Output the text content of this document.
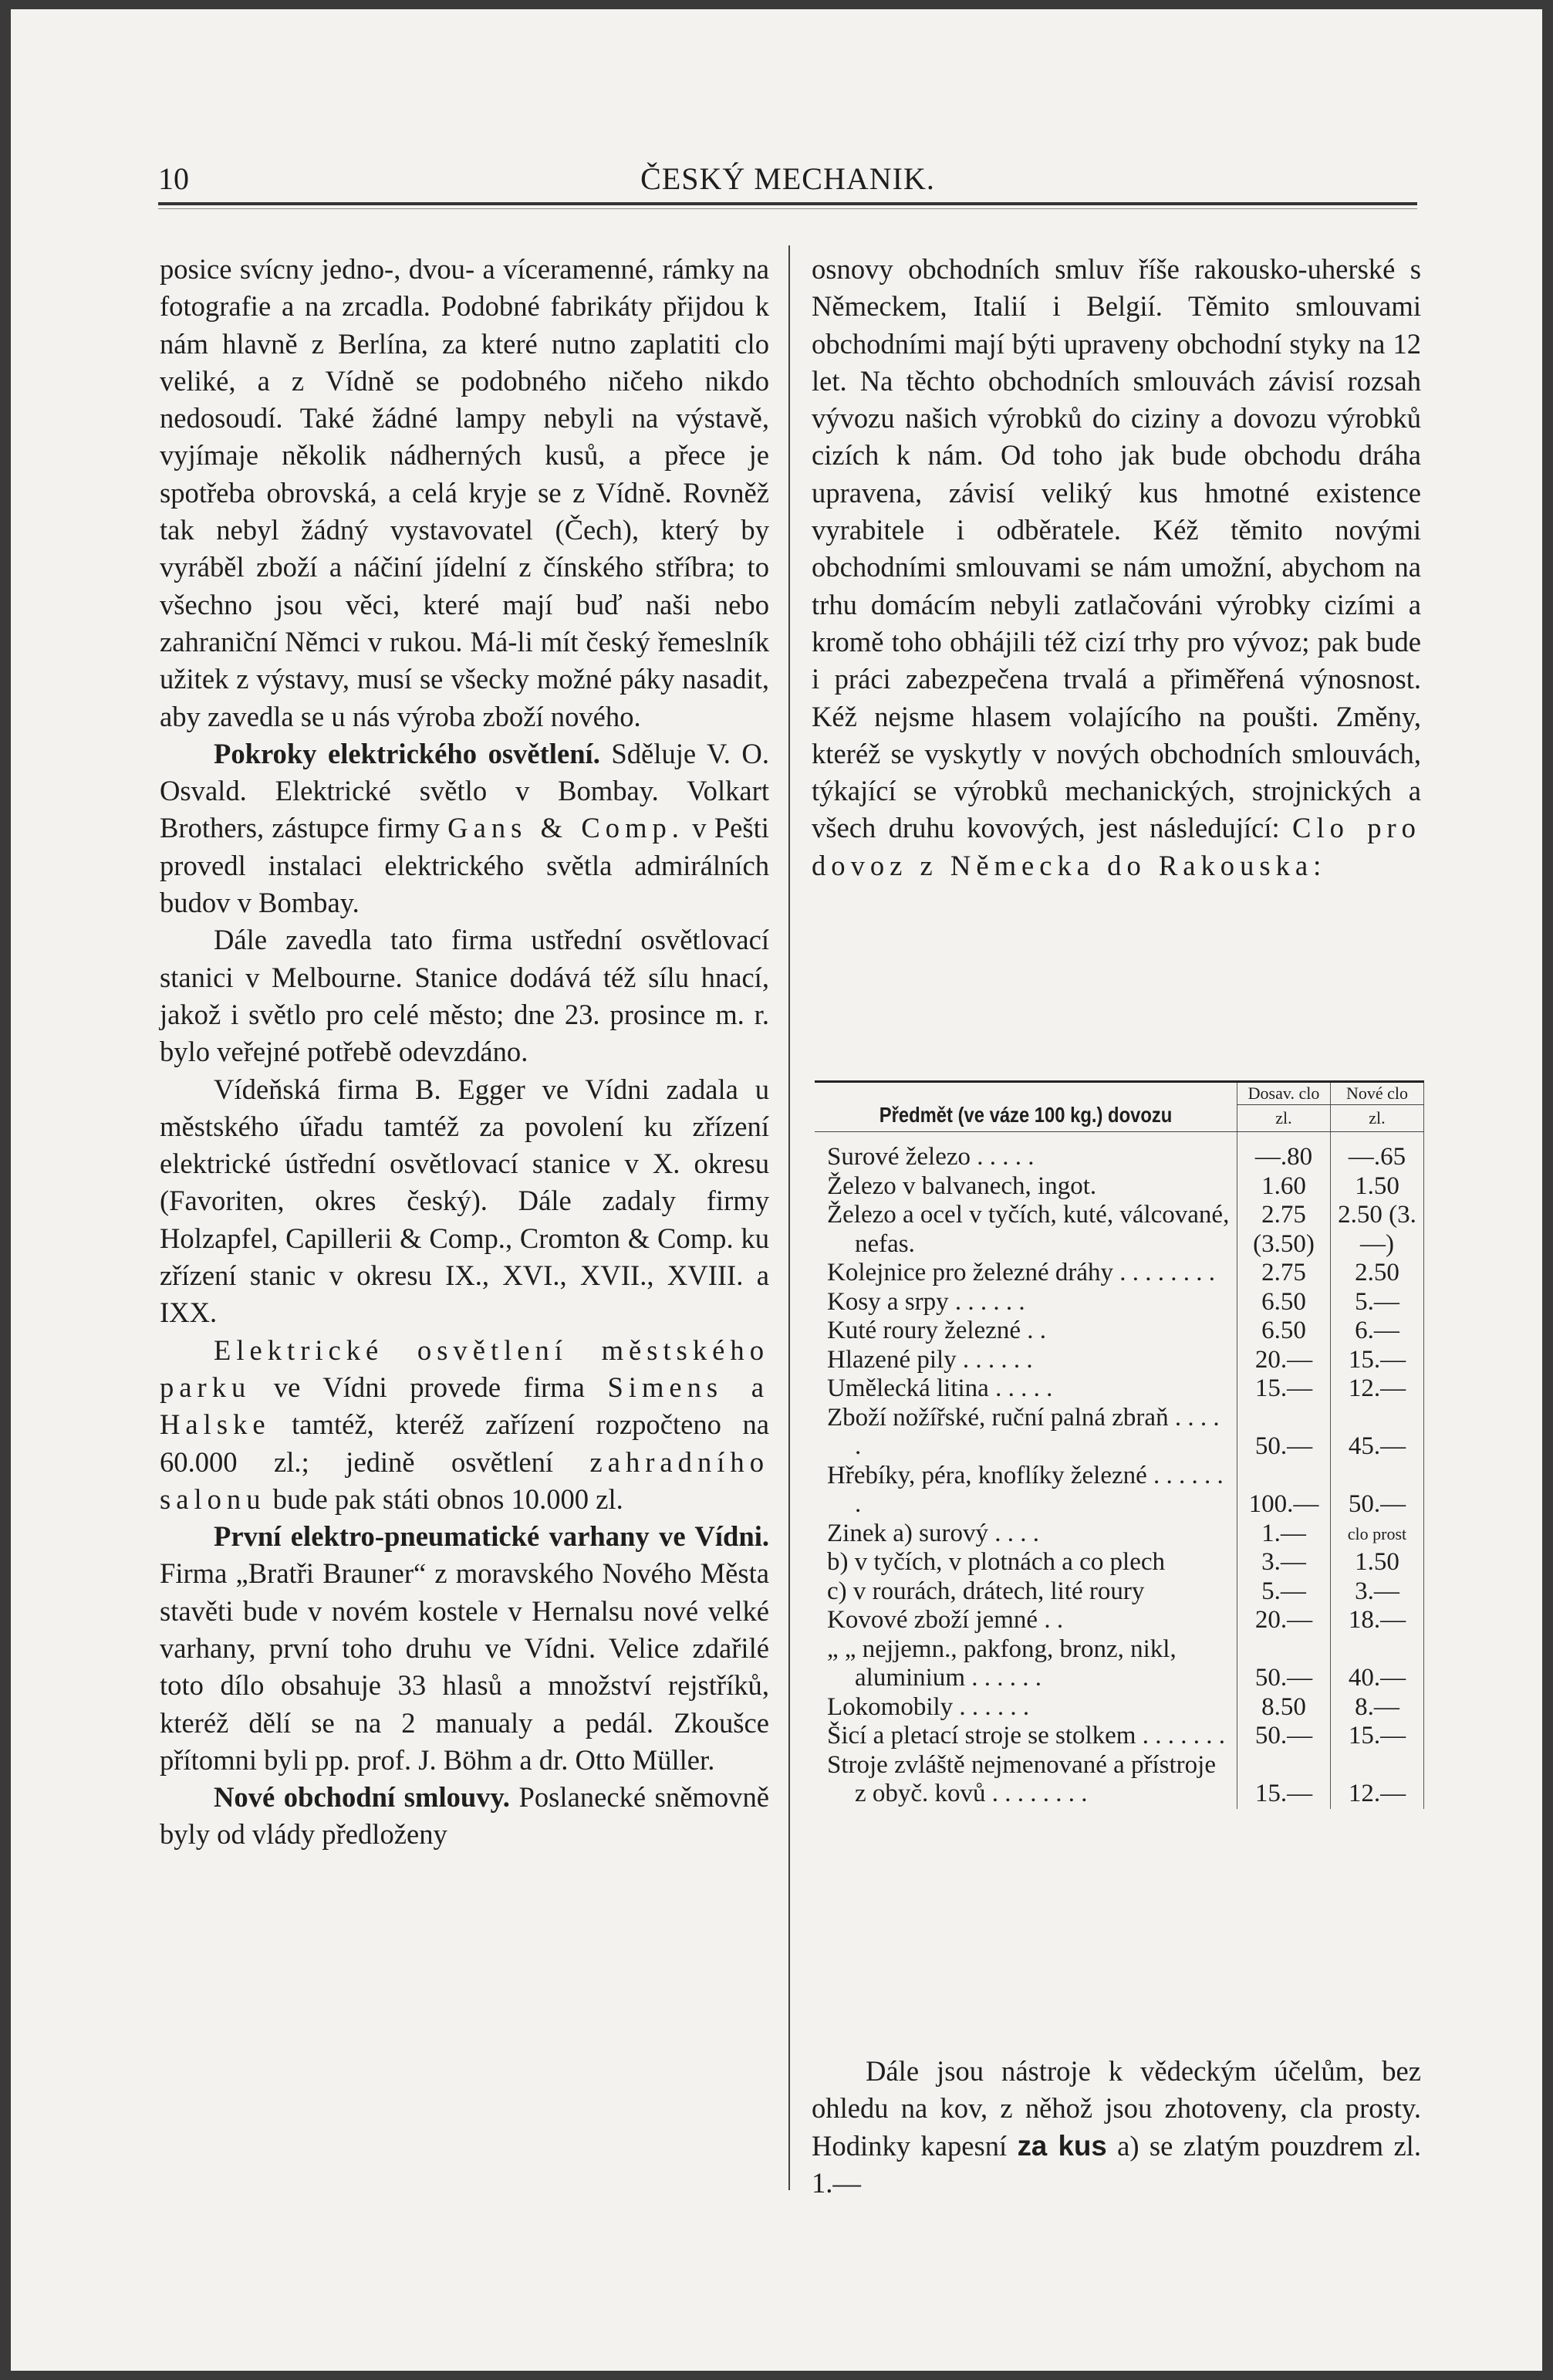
10	ČESKÝ MECHANIK.

posice svícny jedno-, dvou- a víceramenné, rámky na fotografie a na zrcadla. Podobné fabrikáty přijdou k nám hlavně z Berlína, za které nutno zaplatiti clo veliké, a z Vídně se podobného ničeho nikdo nedosoudí. Také žádné lampy nebyli na výstavě, vyjímaje několik nádherných kusů, a přece je spotřeba obrovská, a celá kryje se z Vídně. Rovněž tak nebyl žádný vystavovatel (Čech), který by vyráběl zboží a náčiní jídelní z čínského stříbra; to všechno jsou věci, které mají buď naši nebo zahraniční Němci v rukou. Má-li mít český řemeslník užitek z výstavy, musí se všecky možné páky nasadit, aby zavedla se u nás výroba zboží nového.

Pokroky elektrického osvětlení. Sděluje V. O. Osvald. Elektrické světlo v Bombay. Volkart Brothers, zástupce firmy Gans & Comp. v Pešti provedl instalaci elektrického světla admirálních budov v Bombay.

Dále zavedla tato firma ustřední osvětlovací stanici v Melbourne. Stanice dodává též sílu hnací, jakož i světlo pro celé město; dne 23. prosince m. r. bylo veřejné potřebě odevzdáno.

Vídeňská firma B. Egger ve Vídni zadala u městského úřadu tamtéž za povolení ku zřízení elektrické ústřední osvětlovací stanice v X. okresu (Favoriten, okres český). Dále zadaly firmy Holzapfel, Capillerii & Comp., Cromton & Comp. ku zřízení stanic v okresu IX., XVI., XVII., XVIII. a IXX.

Elektrické osvětlení městského parku ve Vídni provede firma Simens a Halske tamtéž, kteréž zařízení rozpočteno na 60.000 zl.; jedině osvětlení zahradního salonu bude pak státi obnos 10.000 zl.

První elektro-pneumatické varhany ve Vídni. Firma „Bratři Brauner“ z moravského Nového Města stavěti bude v novém kostele v Hernalsu nové velké varhany, první toho druhu ve Vídni. Velice zdařilé toto dílo obsahuje 33 hlasů a množství rejstříků, kteréž dělí se na 2 manualy a pedál. Zkoušce přítomni byli pp. prof. J. Böhm a dr. Otto Müller.

Nové obchodní smlouvy. Poslanecké sněmovně byly od vlády předloženy

osnovy obchodních smluv říše rakousko-uherské s Německem, Italií i Belgií. Těmito smlouvami obchodními mají býti upraveny obchodní styky na 12 let. Na těchto obchodních smlouvách závisí rozsah vývozu našich výrobků do ciziny a dovozu výrobků cizích k nám. Od toho jak bude obchodu dráha upravena, závisí veliký kus hmotné existence vyrabitele i odběratele. Kéž těmito novými obchodními smlouvami se nám umožní, abychom na trhu domácím nebyli zatlačováni výrobky cizími a kromě toho obhájili též cizí trhy pro vývoz; pak bude i práci zabezpečena trvalá a přiměřená výnosnost. Kéž nejsme hlasem volajícího na poušti. Změny, kteréž se vyskytly v nových obchodních smlouvách, týkající se výrobků mechanických, strojnických a všech druhu kovových, jest následující: Clo pro dovoz z Německa do Rakouska:

Předmět (ve váze 100 kg.) dovozu	Dosav. clo	Nové clo
	zl.	zl.

Surové železo . . . . .	—.80	—.65
Železo v balvanech, ingot.	1.60	1.50
Železo a ocel v tyčích, kuté, válcované, nefas.	2.75 (3.50)	2.50 (3.—)
Kolejnice pro železné dráhy . . . . . . . .	2.75	2.50
Kosy a srpy . . . . . .	6.50	5.—
Kuté roury železné . .	6.50	6.—
Hlazené pily . . . . . .	20.—	15.—
Umělecká litina . . . . .	15.—	12.—
Zboží nožířské, ruční palná zbraň . . . . .	50.—	45.—
Hřebíky, péra, knoflíky železné . . . . . . .	100.—	50.—
Zinek a) surový . . . .	1.—	clo prost
b) v tyčích, v plotnách a co plech	3.—	1.50
c) v rourách, drátech, lité roury	5.—	3.—
Kovové zboží jemné . .	20.—	18.—
„ „ nejjemn., pakfong, bronz, nikl, aluminium . . . . . .	50.—	40.—
Lokomobily . . . . . .	8.50	8.—
Šicí a pletací stroje se stolkem . . . . . . .	50.—	15.—
Stroje zvláště nejmenované a přístroje z obyč. kovů . . . . . . . .	15.—	12.—

Dále jsou nástroje k vědeckým účelům, bez ohledu na kov, z něhož jsou zhotoveny, cla prosty. Hodinky kapesní za kus a) se zlatým pouzdrem zl. 1.—
